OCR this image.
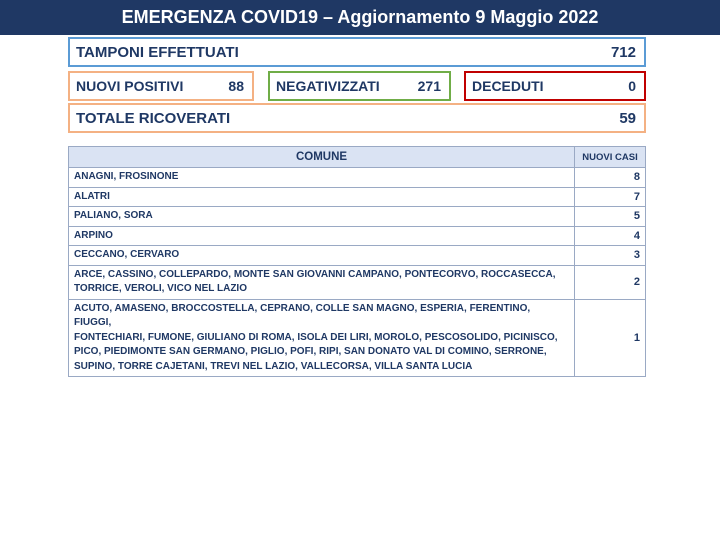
EMERGENZA COVID19 – Aggiornamento 9 Maggio 2022
TAMPONI EFFETTUATI	712
NUOVI POSITIVI	88 NEGATIVIZZATI	271 DECEDUTI	0
TOTALE RICOVERATI	59
COMUNE	NUOVI CASI
ANAGNI, FROSINONE	8
ALATRI	7
PALIANO, SORA	5
ARPINO	4
CECCANO, CERVARO	3
ARCE, CASSINO, COLLEPARDO, MONTE SAN GIOVANNI CAMPANO, PONTECORVO, ROCCASECCA,
TORRICE, VEROLI, VICO NEL LAZIO	2
ACUTO, AMASENO, BROCCOSTELLA, CEPRANO, COLLE SAN MAGNO, ESPERIA, FERENTINO, FIUGGI,
FONTECHIARI, FUMONE, GIULIANO DI ROMA, ISOLA DEI LIRI, MOROLO, PESCOSOLIDO, PICINISCO,
PICO, PIEDIMONTE SAN GERMANO, PIGLIO, POFI, RIPI, SAN DONATO VAL DI COMINO, SERRONE,
SUPINO, TORRE CAJETANI, TREVI NEL LAZIO, VALLECORSA, VILLA SANTA LUCIA	1
